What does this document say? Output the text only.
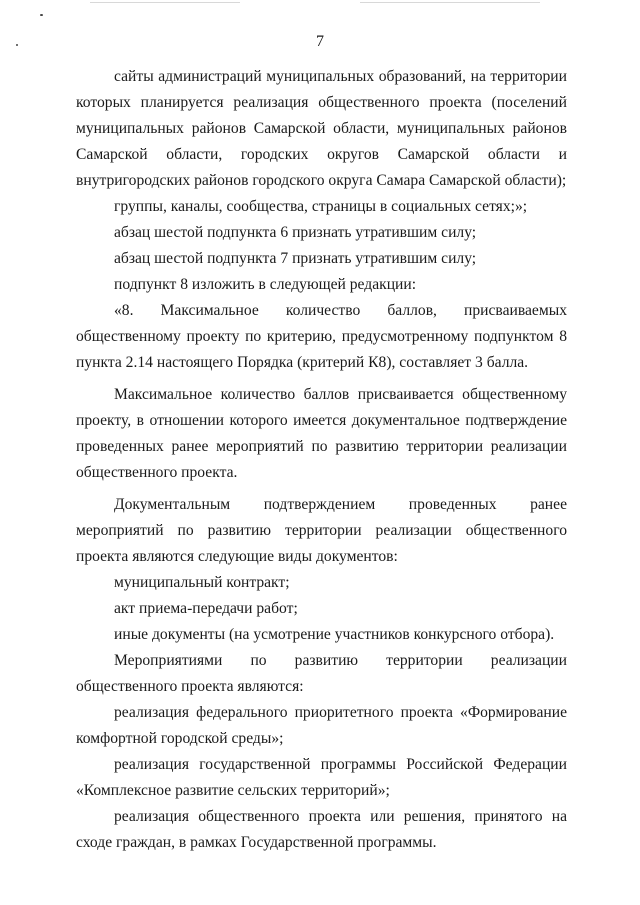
7

сайты администраций муниципальных образований, на территории которых планируется реализация общественного проекта (поселений муниципальных районов Самарской области, муниципальных районов Самарской области, городских округов Самарской области и внутригородских районов городского округа Самара Самарской области);

группы, каналы, сообщества, страницы в социальных сетях;»;

абзац шестой подпункта 6 признать утратившим силу;

абзац шестой подпункта 7 признать утратившим силу;

подпункт 8 изложить в следующей редакции:

«8. Максимальное количество баллов, присваиваемых общественному проекту по критерию, предусмотренному подпунктом 8 пункта 2.14 настоящего Порядка (критерий К8), составляет 3 балла.

Максимальное количество баллов присваивается общественному проекту, в отношении которого имеется документальное подтверждение проведенных ранее мероприятий по развитию территории реализации общественного проекта.

Документальным подтверждением проведенных ранее мероприятий по развитию территории реализации общественного проекта являются следующие виды документов:

муниципальный контракт;

акт приема-передачи работ;

иные документы (на усмотрение участников конкурсного отбора).

Мероприятиями по развитию территории реализации общественного проекта являются:

реализация федерального приоритетного проекта «Формирование комфортной городской среды»;

реализация государственной программы Российской Федерации «Комплексное развитие сельских территорий»;

реализация общественного проекта или решения, принятого на сходе граждан, в рамках Государственной программы.
